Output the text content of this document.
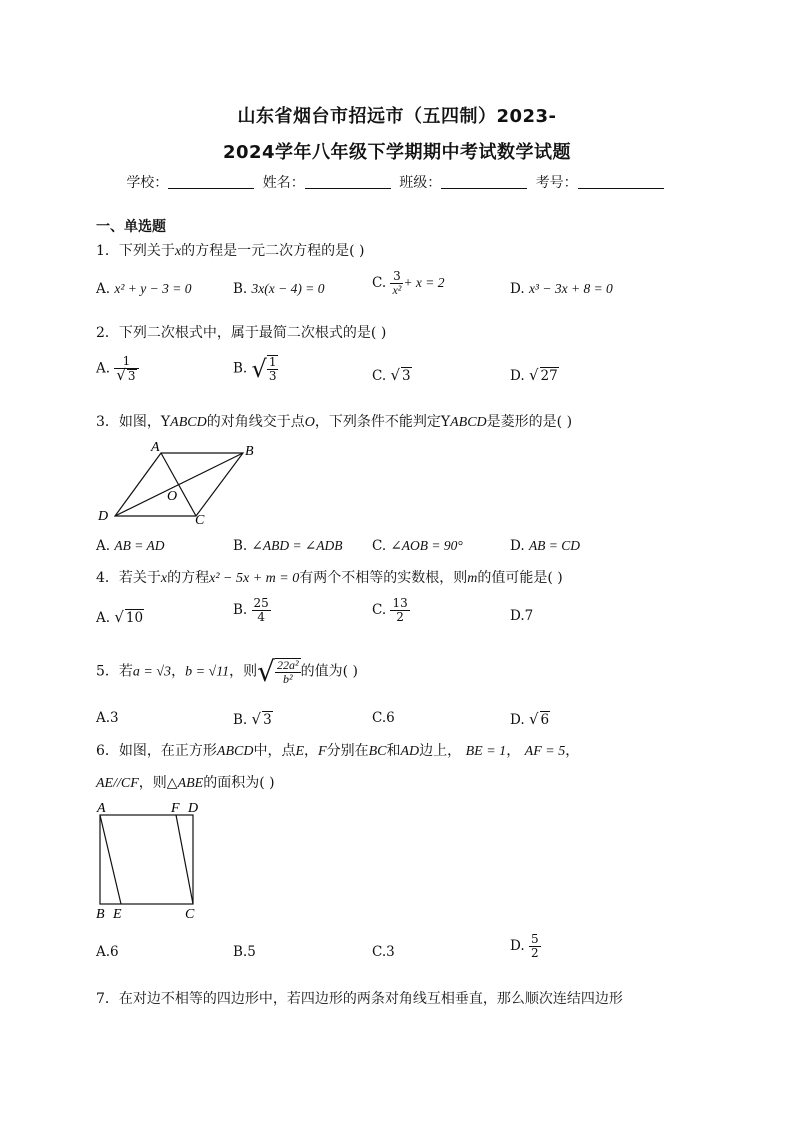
山东省烟台市招远市（五四制）2023-
2024学年八年级下学期期中考试数学试题
学校：	姓名：	班级：	考号：
一、单选题
1．下列关于x的方程是一元二次方程的是( )
A. x² + y − 3 = 0	B. 3x(x − 4) = 0	C. $\frac{3}{\text{x²}} + x = 2$	D. x³ − 3x + 8 = 0
2．下列二次根式中，属于最简二次根式的是( )
A. $\frac{1}{√ 3}$	B. √ $\frac{1}{3}$	C. √ 3	D. √ 27
3．如图，YABCD的对角线交于点O，下列条件不能判定YABCD是菱形的是( )
A	B
O
D	C
A. AB = AD	B. ∠ABD = ∠ADB C. ∠AOB = 90°	D. AB = CD
4．若关于x的方程x² − 5x + m = 0有两个不相等的实数根，则m的值可能是( )
A. √ 10	B. $\frac{25}{4}$	C. $\frac{13}{2}$	D.7
5．若a = √3，b = √11，则√ $\frac{\text{22a²}}{\text{b²}}$ 的值为( )
A.3	B. √ 3	C.6	D. √ 6
6．如图，在正方形ABCD中，点E，F分别在BC和AD边上， BE = 1， AF = 5，
AE//CF，则△ABE的面积为( )
A	F D
B E	C
A.6	B.5	C.3	D. $\frac{5}{2}$
7．在对边不相等的四边形中，若四边形的两条对角线互相垂直，那么顺次连结四边形
